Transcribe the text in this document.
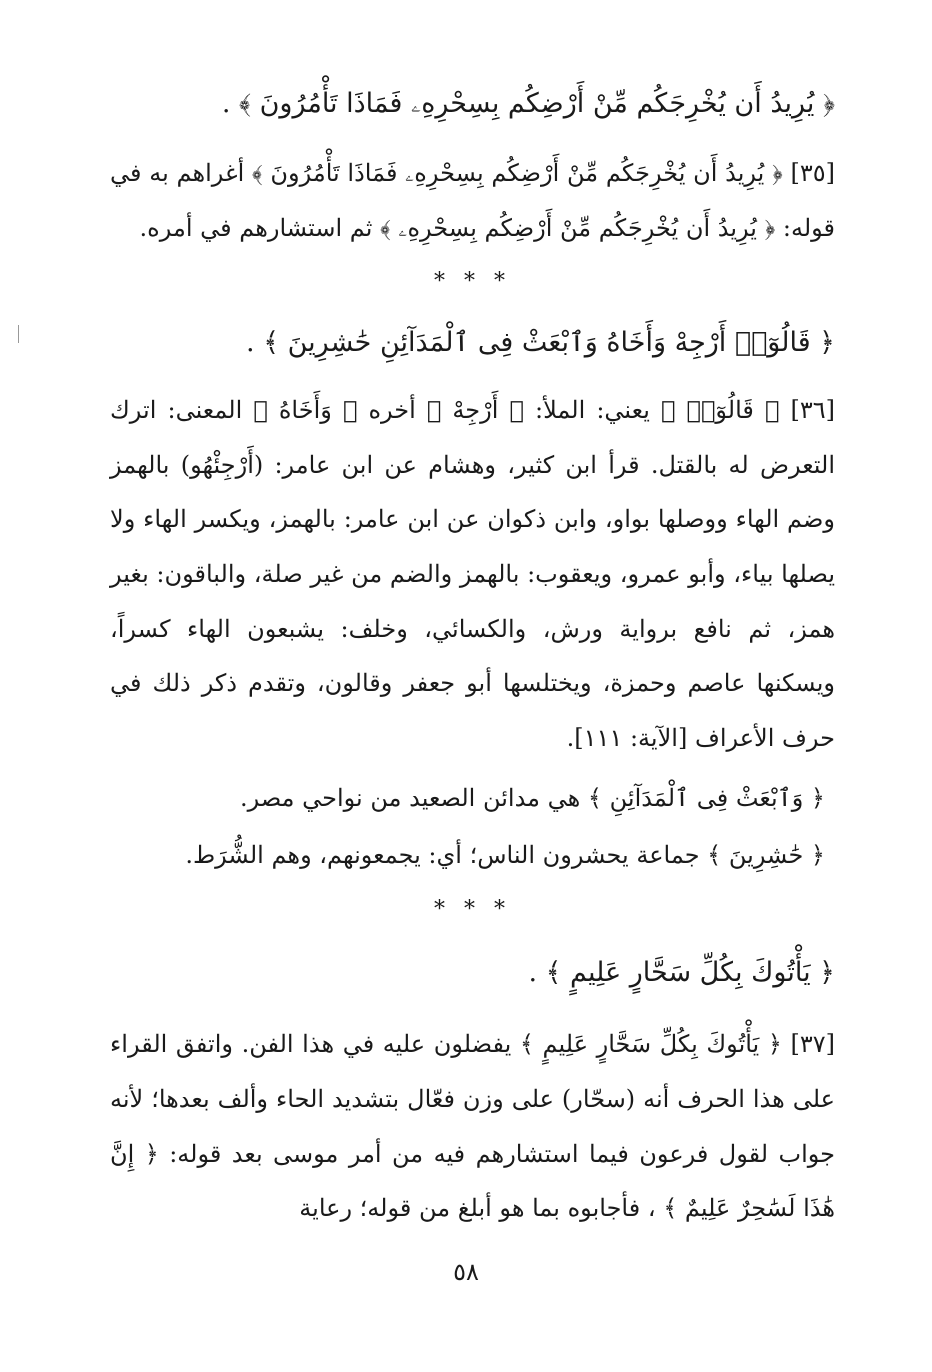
﴿ يُرِيدُ أَن يُخْرِجَكُم مِّنْ أَرْضِكُم بِسِحْرِهِۦ فَمَاذَا تَأْمُرُونَ ﴾ .

[٣٥] ﴿ يُرِيدُ أَن يُخْرِجَكُم مِّنْ أَرْضِكُم بِسِحْرِهِۦ فَمَاذَا تَأْمُرُونَ ﴾ أغراهم به في قوله: ﴿ يُرِيدُ أَن يُخْرِجَكُم مِّنْ أَرْضِكُم بِسِحْرِهِۦ ﴾ ثم استشارهم في أمره.

* * *
﴿ قَالُوٓا۟ أَرْجِهْ وَأَخَاهُ وَٱبْعَثْ فِى ٱلْمَدَآئِنِ حَٰشِرِينَ ﴾ .

[٣٦] ﴿ قَالُوٓا۟ ﴾ يعني: الملأ: ﴿ أَرْجِهْ ﴾ أخره ﴿ وَأَخَاهُ ﴾ المعنى: اترك التعرض له بالقتل. قرأ ابن كثير، وهشام عن ابن عامر: (أَرْجِئْهُو) بالهمز وضم الهاء ووصلها بواو، وابن ذكوان عن ابن عامر: بالهمز، ويكسر الهاء ولا يصلها بياء، وأبو عمرو، ويعقوب: بالهمز والضم من غير صلة، والباقون: بغير همز، ثم نافع برواية ورش، والكسائي، وخلف: يشبعون الهاء كسراً، ويسكنها عاصم وحمزة، ويختلسها أبو جعفر وقالون، وتقدم ذكر ذلك في حرف الأعراف [الآية: ١١١].

﴿ وَٱبْعَثْ فِى ٱلْمَدَآئِنِ ﴾ هي مدائن الصعيد من نواحي مصر.
﴿ حَٰشِرِينَ ﴾ جماعة يحشرون الناس؛ أي: يجمعونهم، وهم الشُّرَط.
* * *
﴿ يَأْتُوكَ بِكُلِّ سَحَّارٍ عَلِيمٍ ﴾ .

[٣٧] ﴿ يَأْتُوكَ بِكُلِّ سَحَّارٍ عَلِيمٍ ﴾ يفضلون عليه في هذا الفن. واتفق القراء على هذا الحرف أنه (سحّار) على وزن فعّال بتشديد الحاء وألف بعدها؛ لأنه جواب لقول فرعون فيما استشارهم فيه من أمر موسى بعد قوله: ﴿ إِنَّ هَٰذَا لَسَٰحِرٌ عَلِيمٌ ﴾ ، فأجابوه بما هو أبلغ من قوله؛ رعاية

٥٨
